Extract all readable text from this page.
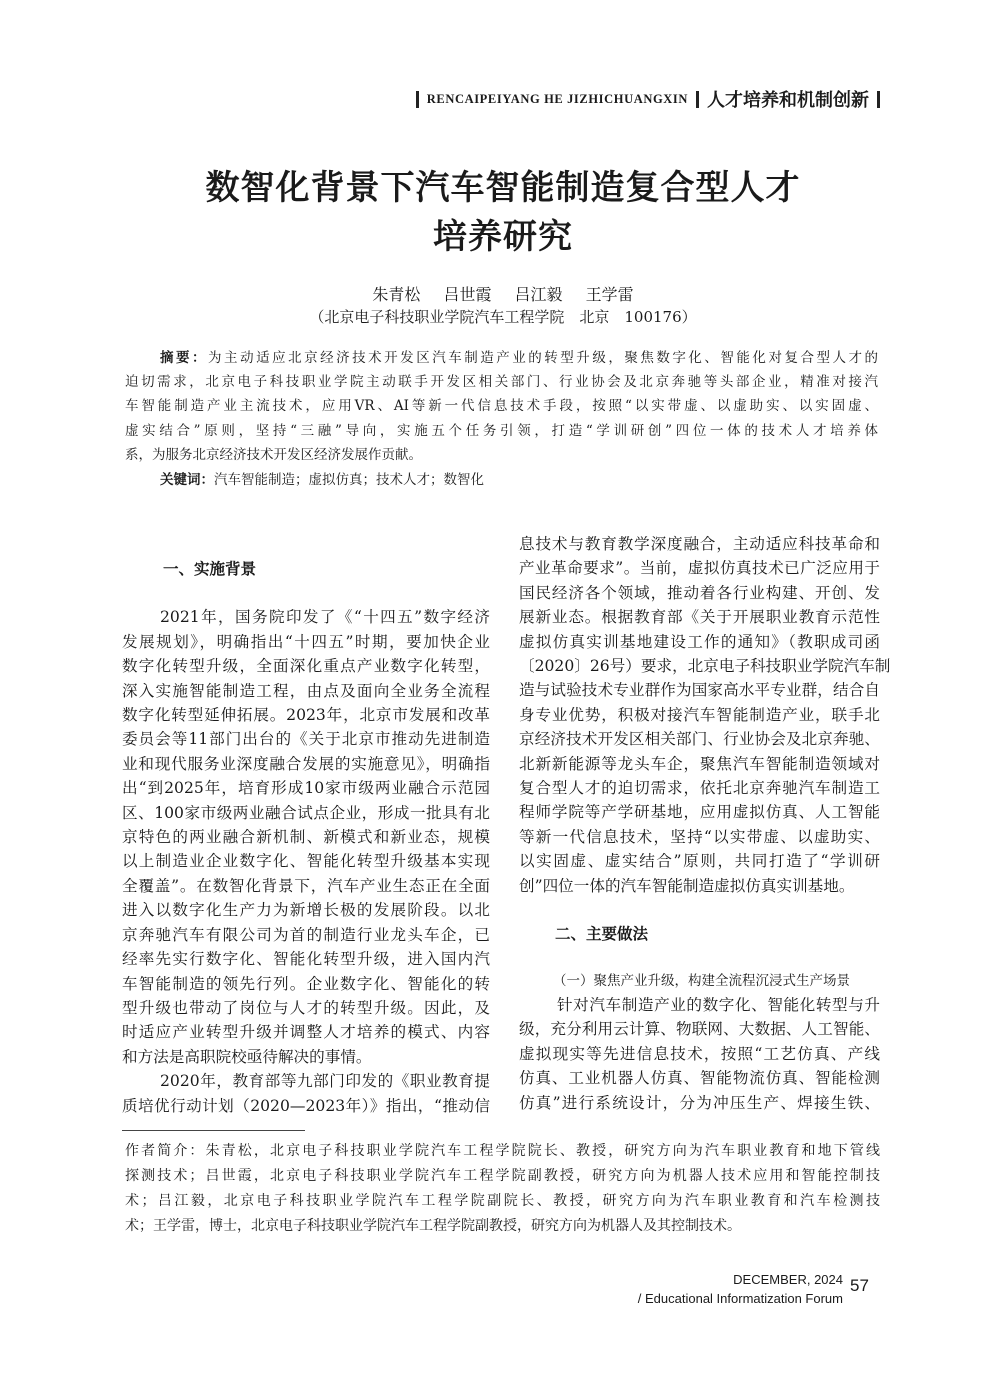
RENCAIPEIYANG HE JIZHICHUANGXIN 人才培养和机制创新
数智化背景下汽车智能制造复合型人才
培养研究
朱青松 吕世霞 吕江毅 王学雷
（北京电子科技职业学院汽车工程学院　北京　100176）
摘要：为主动适应北京经济技术开发区汽车制造产业的转型升级，聚焦数字化、智能化对复合型人才的
迫切需求，北京电子科技职业学院主动联手开发区相关部门、行业协会及北京奔驰等头部企业，精准对接汽
车智能制造产业主流技术，应用VR、AI等新一代信息技术手段，按照“以实带虚、以虚助实、以实固虚、
虚实结合”原则，坚持“三融”导向，实施五个任务引领，打造“学训研创”四位一体的技术人才培养体
系，为服务北京经济技术开发区经济发展作贡献。
关键词：汽车智能制造；虚拟仿真；技术人才；数智化
一、实施背景
2021年，国务院印发了《“十四五”数字经济
发展规划》，明确指出“十四五”时期，要加快企业
数字化转型升级，全面深化重点产业数字化转型，
深入实施智能制造工程，由点及面向全业务全流程
数字化转型延伸拓展。2023年，北京市发展和改革
委员会等11部门出台的《关于北京市推动先进制造
业和现代服务业深度融合发展的实施意见》，明确指
出“到2025年，培育形成10家市级两业融合示范园
区、100家市级两业融合试点企业，形成一批具有北
京特色的两业融合新机制、新模式和新业态，规模
以上制造业企业数字化、智能化转型升级基本实现
全覆盖”。在数智化背景下，汽车产业生态正在全面
进入以数字化生产力为新增长极的发展阶段。以北
京奔驰汽车有限公司为首的制造行业龙头车企，已
经率先实行数字化、智能化转型升级，进入国内汽
车智能制造的领先行列。企业数字化、智能化的转
型升级也带动了岗位与人才的转型升级。因此，及
时适应产业转型升级并调整人才培养的模式、内容
和方法是高职院校亟待解决的事情。
2020年，教育部等九部门印发的《职业教育提
质培优行动计划（2020—2023年）》指出，“推动信
息技术与教育教学深度融合，主动适应科技革命和
产业革命要求”。当前，虚拟仿真技术已广泛应用于
国民经济各个领域，推动着各行业构建、开创、发
展新业态。根据教育部《关于开展职业教育示范性
虚拟仿真实训基地建设工作的通知》（教职成司函
〔2020〕26号）要求，北京电子科技职业学院汽车制
造与试验技术专业群作为国家高水平专业群，结合自
身专业优势，积极对接汽车智能制造产业，联手北
京经济技术开发区相关部门、行业协会及北京奔驰、
北新新能源等龙头车企，聚焦汽车智能制造领域对
复合型人才的迫切需求，依托北京奔驰汽车制造工
程师学院等产学研基地，应用虚拟仿真、人工智能
等新一代信息技术，坚持“以实带虚、以虚助实、
以实固虚、虚实结合”原则，共同打造了“学训研
创”四位一体的汽车智能制造虚拟仿真实训基地。
二、主要做法
（一）聚焦产业升级，构建全流程沉浸式生产场景
针对汽车制造产业的数字化、智能化转型与升
级，充分利用云计算、物联网、大数据、人工智能、
虚拟现实等先进信息技术，按照“工艺仿真、产线
仿真、工业机器人仿真、智能物流仿真、智能检测
仿真”进行系统设计，分为冲压生产、焊接生铁、
作者简介：朱青松，北京电子科技职业学院汽车工程学院院长、教授，研究方向为汽车职业教育和地下管线
探测技术；吕世霞，北京电子科技职业学院汽车工程学院副教授，研究方向为机器人技术应用和智能控制技
术；吕江毅，北京电子科技职业学院汽车工程学院副院长、教授，研究方向为汽车职业教育和汽车检测技
术；王学雷，博士，北京电子科技职业学院汽车工程学院副教授，研究方向为机器人及其控制技术。
DECEMBER, 2024
/ Educational Informatization Forum
57
